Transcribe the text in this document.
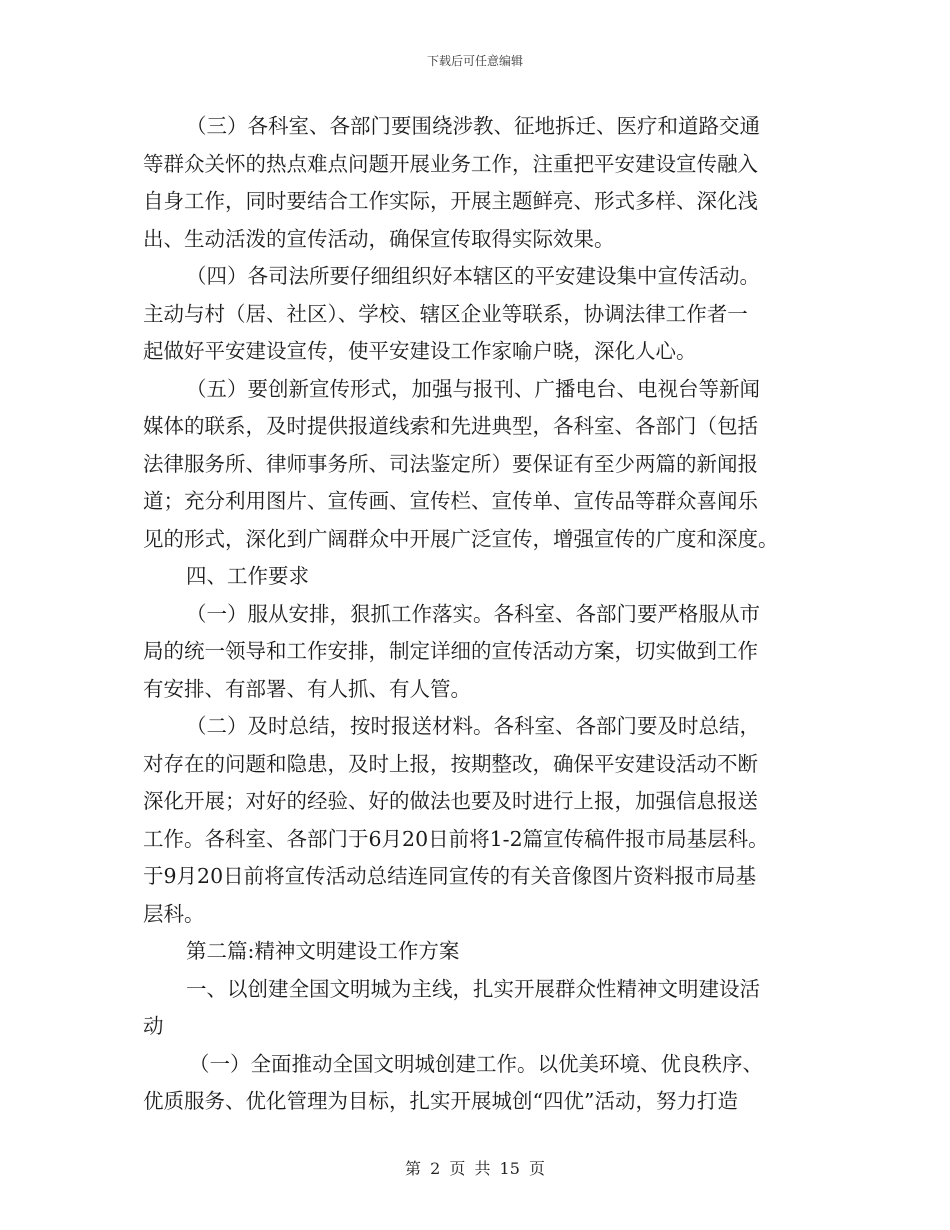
下载后可任意编辑
（三）各科室、各部门要围绕涉教、征地拆迁、医疗和道路交通
等群众关怀的热点难点问题开展业务工作，注重把平安建设宣传融入
自身工作，同时要结合工作实际，开展主题鲜亮、形式多样、深化浅
出、生动活泼的宣传活动，确保宣传取得实际效果。
（四）各司法所要仔细组织好本辖区的平安建设集中宣传活动。
主动与村（居、社区）、学校、辖区企业等联系，协调法律工作者一
起做好平安建设宣传，使平安建设工作家喻户晓，深化人心。
（五）要创新宣传形式，加强与报刊、广播电台、电视台等新闻
媒体的联系，及时提供报道线索和先进典型，各科室、各部门（包括
法律服务所、律师事务所、司法鉴定所）要保证有至少两篇的新闻报
道；充分利用图片、宣传画、宣传栏、宣传单、宣传品等群众喜闻乐
见的形式，深化到广阔群众中开展广泛宣传，增强宣传的广度和深度。
四、工作要求
（一）服从安排，狠抓工作落实。各科室、各部门要严格服从市
局的统一领导和工作安排，制定详细的宣传活动方案，切实做到工作
有安排、有部署、有人抓、有人管。
（二）及时总结，按时报送材料。各科室、各部门要及时总结，
对存在的问题和隐患，及时上报，按期整改，确保平安建设活动不断
深化开展；对好的经验、好的做法也要及时进行上报，加强信息报送
工作。各科室、各部门于6月20日前将1-2篇宣传稿件报市局基层科。
于9月20日前将宣传活动总结连同宣传的有关音像图片资料报市局基
层科。
第二篇:精神文明建设工作方案
一、以创建全国文明城为主线，扎实开展群众性精神文明建设活
动
（一）全面推动全国文明城创建工作。以优美环境、优良秩序、
优质服务、优化管理为目标，扎实开展城创“四优”活动，努力打造
第 2 页 共 15 页
